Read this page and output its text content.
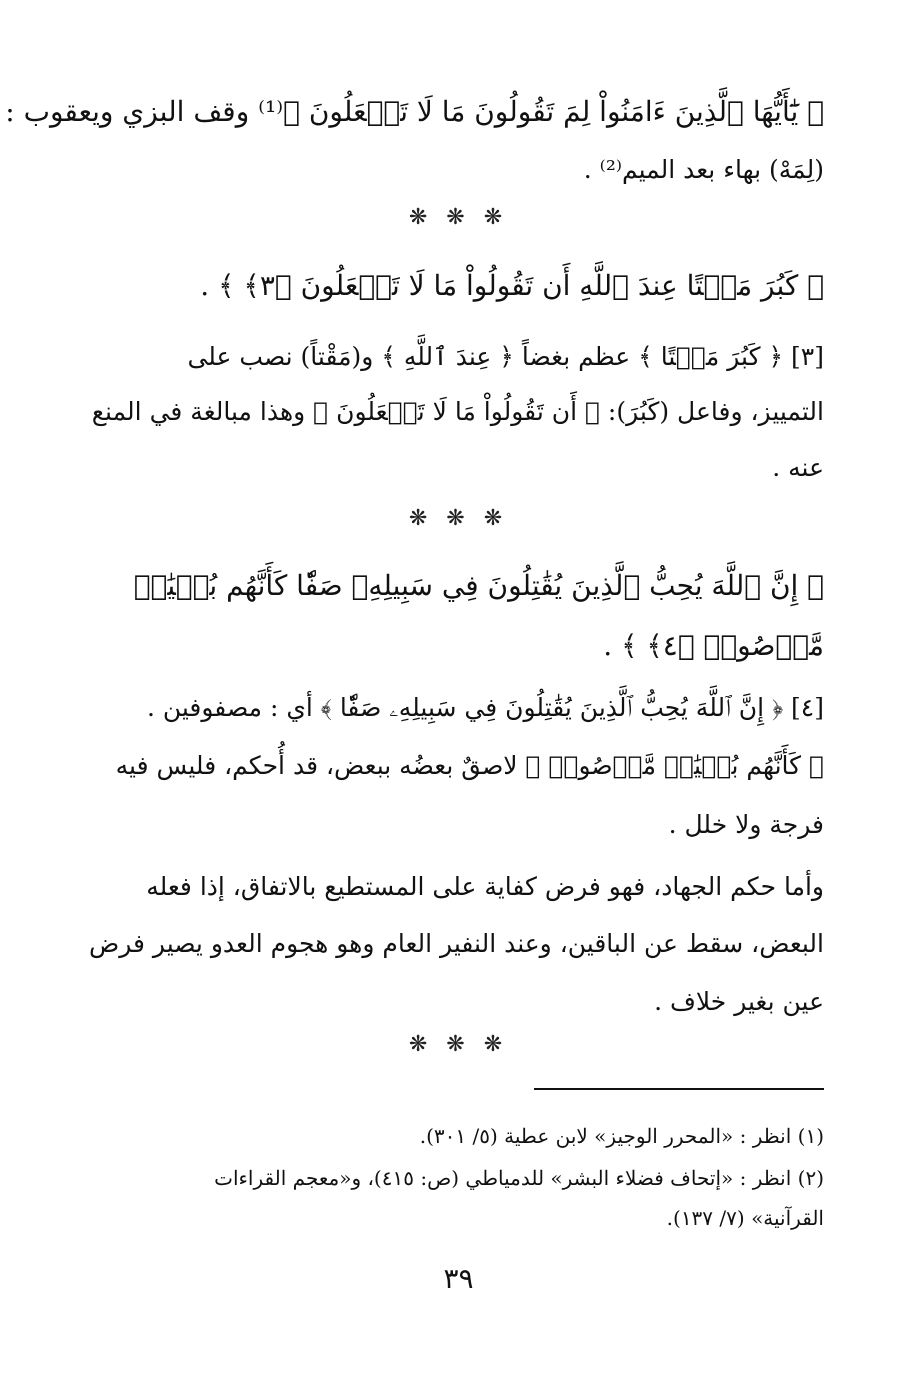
﴿ يَٰٓأَيُّهَا ٱلَّذِينَ ءَامَنُواْ لِمَ تَقُولُونَ مَا لَا تَفۡعَلُونَ ﴾⁽¹⁾ وقف البزي ويعقوب :
(لِمَهْ) بهاء بعد الميم⁽²⁾ .
❋ ❋ ❋
﴿ كَبُرَ مَقۡتًا عِندَ ٱللَّهِ أَن تَقُولُواْ مَا لَا تَفۡعَلُونَ ﴿٣﴾ ﴾ .
[٣] ﴿ كَبُرَ مَقۡتًا ﴾ عظم بغضاً ﴿ عِندَ ٱللَّهِ ﴾ و(مَقْتاً) نصب على
التمييز، وفاعل (كَبُرَ): ﴿ أَن تَقُولُواْ مَا لَا تَفۡعَلُونَ ﴾ وهذا مبالغة في المنع
عنه .
❋ ❋ ❋
﴿ إِنَّ ٱللَّهَ يُحِبُّ ٱلَّذِينَ يُقَٰتِلُونَ فِي سَبِيلِهِۦ صَفّٗا كَأَنَّهُم بُنۡيَٰنٞ
مَّرۡصُوصٞ ﴿٤﴾ ﴾ .
[٤] ﴿ إِنَّ ٱللَّهَ يُحِبُّ ٱلَّذِينَ يُقَٰتِلُونَ فِي سَبِيلِهِۦ صَفّٗا ﴾ أي : مصفوفين .
﴿ كَأَنَّهُم بُنۡيَٰنٞ مَّرۡصُوصٞ ﴾ لاصقٌ بعضُه ببعض، قد أُحكم، فليس فيه
فرجة ولا خلل .
وأما حكم الجهاد، فهو فرض كفاية على المستطيع بالاتفاق، إذا فعله
البعض، سقط عن الباقين، وعند النفير العام وهو هجوم العدو يصير فرض
عين بغير خلاف .
❋ ❋ ❋
(١) انظر : «المحرر الوجيز» لابن عطية (٥/ ٣٠١).
(٢) انظر : «إتحاف فضلاء البشر» للدمياطي (ص: ٤١٥)، و«معجم القراءات
القرآنية» (٧/ ١٣٧).
٣٩
